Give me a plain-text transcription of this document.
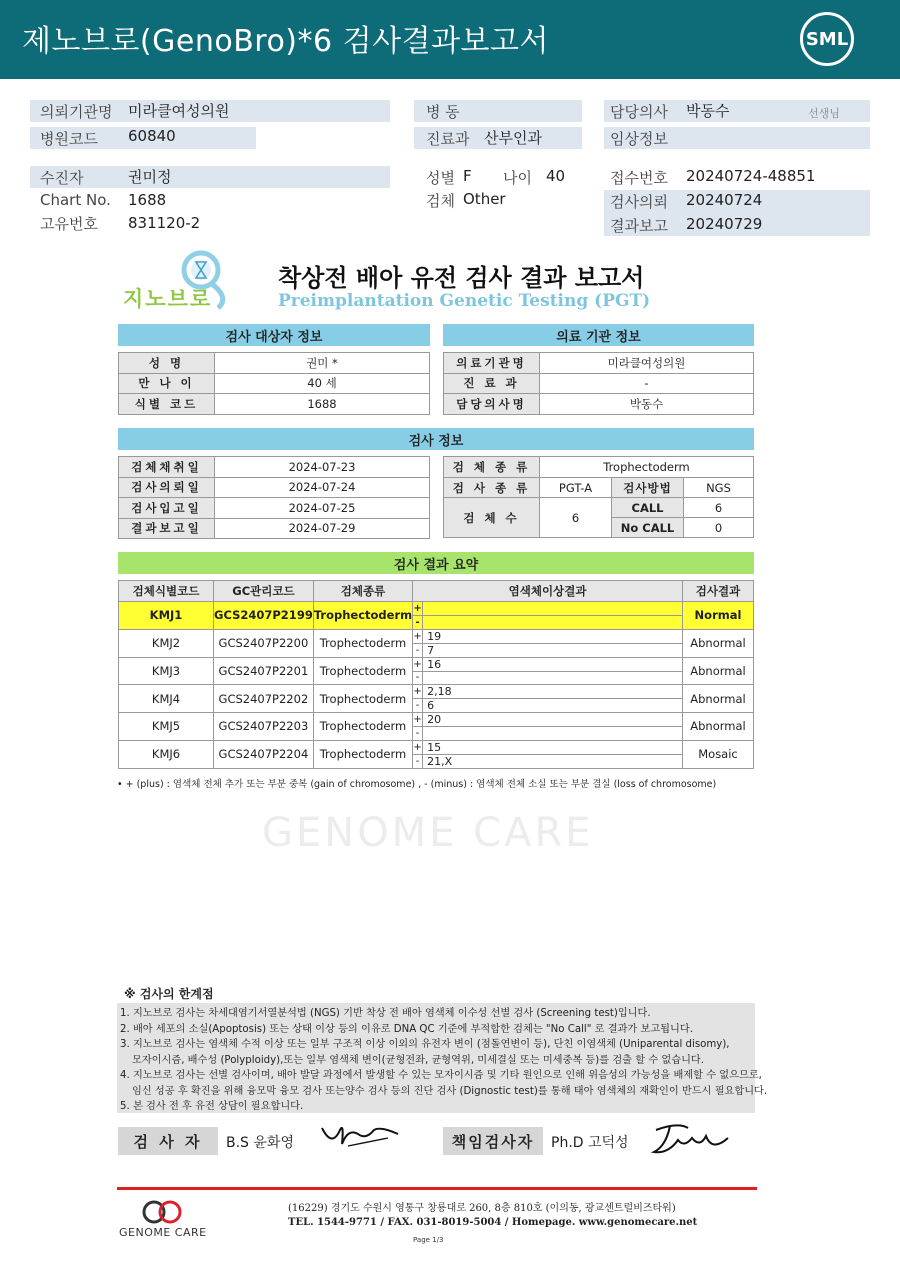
제노브로(GenoBro)*6 검사결과보고서	SML
의뢰기관명 미라클여성의원
병원코드 60840
병 동
진료과 산부인과
담당의사 박동수	선생님
임상정보
수진자	권미정
Chart No. 1688
고유번호 831120-2
성별 F 나이 40
검체 Other
접수번호 20240724-48851
검사의뢰 20240724
결과보고 20240729
지노브로
착상전 배아 유전 검사 결과 보고서
Preimplantation Genetic Testing (PGT)
검사 대상자 정보
성 명	권미 *
만 나 이	40 세
식별 코드	1688
의료 기관 정보
의료기관명	미라클여성의원
진 료 과	-
담당의사명	박동수
검사 정보
검체채취일	2024-07-23
검사의뢰일	2024-07-24
검사입고일	2024-07-25
결과보고일	2024-07-29
검 체 종 류	Trophectoderm		
검 사 종 류	PGT-A	검사방법	NGS
검 체 수	6	CALL	6
		No CALL	0
검사 결과 요약
검체식별코드	GC관리코드	검체종류	염색체이상결과		검사결과
KMJ1	GCS2407P2199	Trophectoderm	+		Normal
			-		
KMJ2	GCS2407P2200	Trophectoderm	+	19	Abnormal
			-	7	
KMJ3	GCS2407P2201	Trophectoderm	+	16	Abnormal
			-		
KMJ4	GCS2407P2202	Trophectoderm	+	2,18	Abnormal
			-	6	
KMJ5	GCS2407P2203	Trophectoderm	+	20	Abnormal
			-		
KMJ6	GCS2407P2204	Trophectoderm	+	15	Mosaic
			-	21,X	
• + (plus) : 염색체 전체 추가 또는 부분 중복 (gain of chromosome) , - (minus) : 염색체 전체 소실 또는 부분 결실 (loss of chromosome)
GENOME CARE
※ 검사의 한계점
1. 지노브로 검사는 차세대염기서열분석법 (NGS) 기반 착상 전 배아 염색체 이수성 선별 검사 (Screening test)입니다.
2. 배아 세포의 소실(Apoptosis) 또는 상태 이상 등의 이유로 DNA QC 기준에 부적합한 검체는 "No Call" 로 결과가 보고됩니다.
3. 지노브로 검사는 염색체 수적 이상 또는 일부 구조적 이상 이외의 유전자 변이 (점돌연변이 등), 단친 이염색체 (Uniparental disomy),
모자이시즘, 배수성 (Polyploidy),또는 일부 염색체 변이(균형전좌, 균형역위, 미세결실 또는 미세중복 등)를 검출 할 수 없습니다.
4. 지노브로 검사는 선별 검사이며, 배아 발달 과정에서 발생할 수 있는 모자이시즘 및 기타 원인으로 인해 위음성의 가능성을 배제할 수 없으므로,
임신 성공 후 확진을 위해 융모막 융모 검사 또는양수 검사 등의 진단 검사 (Dignostic test)를 통해 태아 염색체의 재확인이 반드시 필요합니다.
5. 본 검사 전 후 유전 상담이 필요합니다.
검 사 자	B.S 윤화영	책임검사자	Ph.D 고덕성
GENOME CARE
(16229) 경기도 수원시 영통구 창룡대로 260, 8층 810호 (이의동, 광교센트럴비즈타워)
TEL. 1544-9771 / FAX. 031-8019-5004 / Homepage. www.genomecare.net
Page 1/3
